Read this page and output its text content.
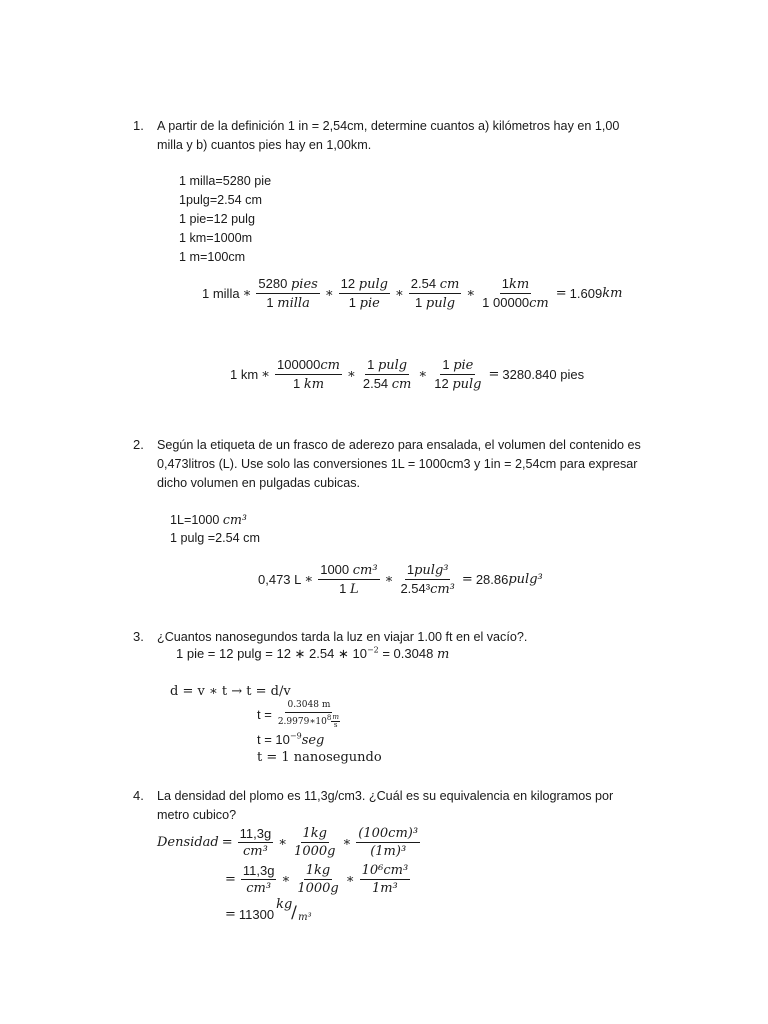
1. A partir de la definición 1 in = 2,54cm, determine cuantos a) kilómetros hay en 1,00 milla y b) cuantos pies hay en 1,00km.
1 milla=5280 pie
1pulg=2.54 cm
1 pie=12 pulg
1 km=1000m
1 m=100cm
1 milla ∗ $\frac{\text{5280 pies}}{\text{1 milla}}$ ∗ $\frac{12 pulg}{\text{1 pie}}$ ∗ $\frac{2.54 cm}{1 pulg}$ ∗ $\frac{1km}{1 00000cm} = 1.609$ km
1 km ∗ $\frac{100000cm}{1 km}$ ∗ $\frac{1 pulg}{2.54 cm}$ ∗ $\frac{\text{1 pie}}{12 pulg} = 3280.840$ pies
2. Según la etiqueta de un frasco de aderezo para ensalada, el volumen del contenido es 0,473litros (L). Use solo las conversiones 1L = 1000cm3 y 1in = 2,54cm para expresar dicho volumen en pulgadas cubicas.
1L=1000 cm³
1 pulg =2.54 cm
0,473 L ∗ $\frac{\text{1000 cm³}}{1 L}$ ∗ $\frac{\text{1pulg³}}{\text{2.54³cm³}} = 28.86$ pulg³
3. ¿Cuantos nanosegundos tarda la luz en viajar 1.00 ft en el vacío?.
1 pie = 12 pulg = 12 ∗ 2.54 ∗ $10^{-2} = 0.3048$ m
d = v ∗ t → t = d/v
$t = \frac{0.3048 m}{2.9979∗10^8 \frac{m}{s}}$
$t = 10^{-9}seg$
t = 1 nanosegundo
4. La densidad del plomo es 11,3g/cm3. ¿Cuál es su equivalencia en kilogramos por metro cubico?
Densidad = $\frac{11,3g}{\text{cm³}}$ ∗ $\frac{1kg}{1000g}$ ∗ $\frac{\text{(100cm)³}}{\text{(1m)³}}$
= $\frac{11,3g}{\text{cm³}}$ ∗ $\frac{1kg}{1000g}$ ∗ $\frac{\text{10⁶cm³}}{\text{1m³}}$
= 11300
kg
/ m³
